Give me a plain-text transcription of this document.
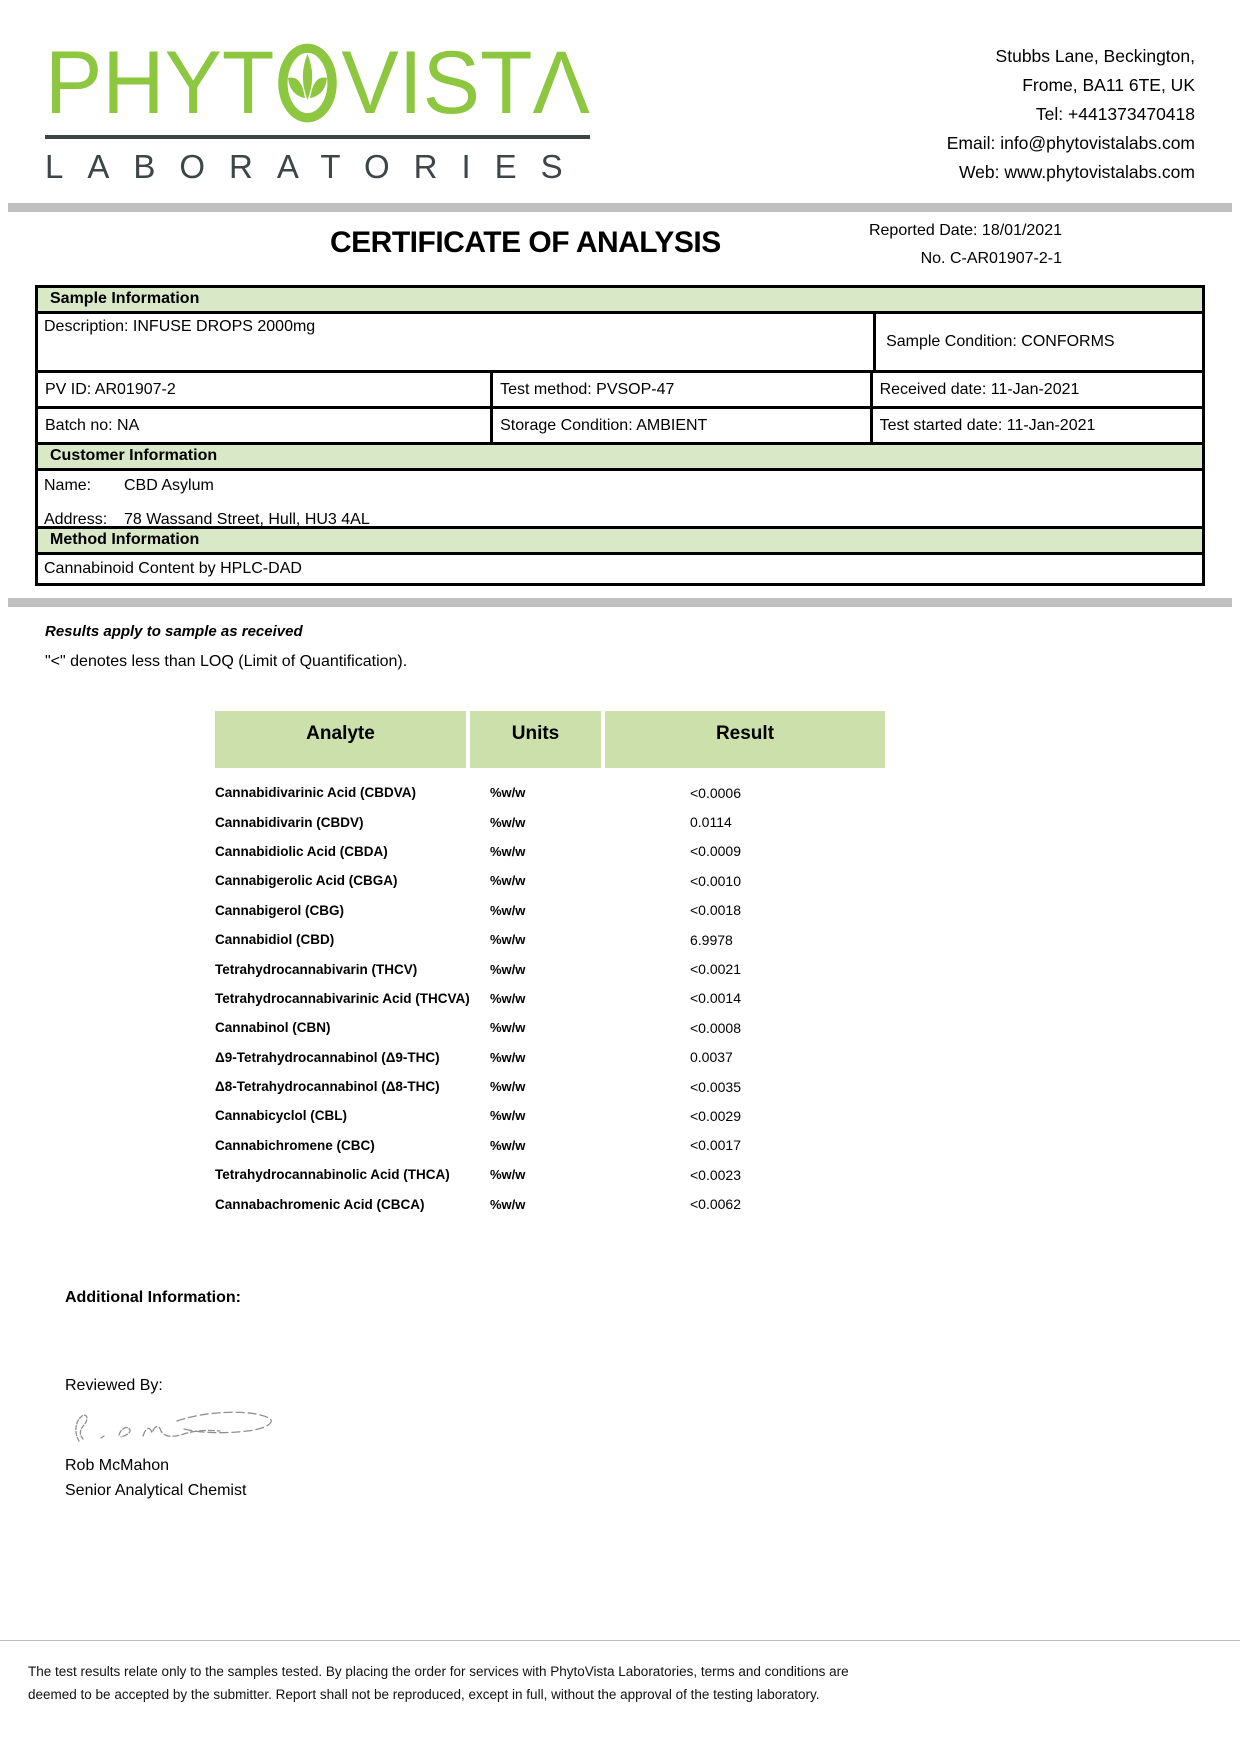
PHYT VIST Λ
LABORATORIES
Stubbs Lane, Beckington,
Frome, BA11 6TE, UK
Tel: +441373470418
Email: info@phytovistalabs.com
Web: www.phytovistalabs.com
CERTIFICATE OF ANALYSIS	Reported Date: 18/01/2021
No. C-AR01907-2-1
Sample Information
Description: INFUSE DROPS 2000mg
Sample Condition: CONFORMS
PV ID: AR01907-2	Test method: PVSOP-47	Received date: 11-Jan-2021
Batch no: NA	Storage Condition: AMBIENT	Test started date: 11-Jan-2021
Customer Information
Name: CBD Asylum
Address: 78 Wassand Street, Hull, HU3 4AL
Method Information
Cannabinoid Content by HPLC-DAD

Results apply to sample as received

"<" denotes less than LOQ (Limit of Quantification).

Analyte	Units	Result
Cannabidivarinic Acid (CBDVA)	%w/w	<0.0006
Cannabidivarin (CBDV)	%w/w	0.0114
Cannabidiolic Acid (CBDA)	%w/w	<0.0009
Cannabigerolic Acid (CBGA)	%w/w	<0.0010
Cannabigerol (CBG)	%w/w	<0.0018
Cannabidiol (CBD)	%w/w	6.9978
Tetrahydrocannabivarin (THCV)	%w/w	<0.0021
Tetrahydrocannabivarinic Acid (THCVA)	%w/w	<0.0014
Cannabinol (CBN)	%w/w	<0.0008
Δ9-Tetrahydrocannabinol (Δ9-THC)	%w/w	0.0037
Δ8-Tetrahydrocannabinol (Δ8-THC)	%w/w	<0.0035
Cannabicyclol (CBL)	%w/w	<0.0029
Cannabichromene (CBC)	%w/w	<0.0017
Tetrahydrocannabinolic Acid (THCA)	%w/w	<0.0023
Cannabachromenic Acid (CBCA)	%w/w	<0.0062

Additional Information:

Reviewed By:
Rob McMahon
Senior Analytical Chemist
The test results relate only to the samples tested. By placing the order for services with PhytoVista Laboratories, terms and conditions are
deemed to be accepted by the submitter. Report shall not be reproduced, except in full, without the approval of the testing laboratory.
